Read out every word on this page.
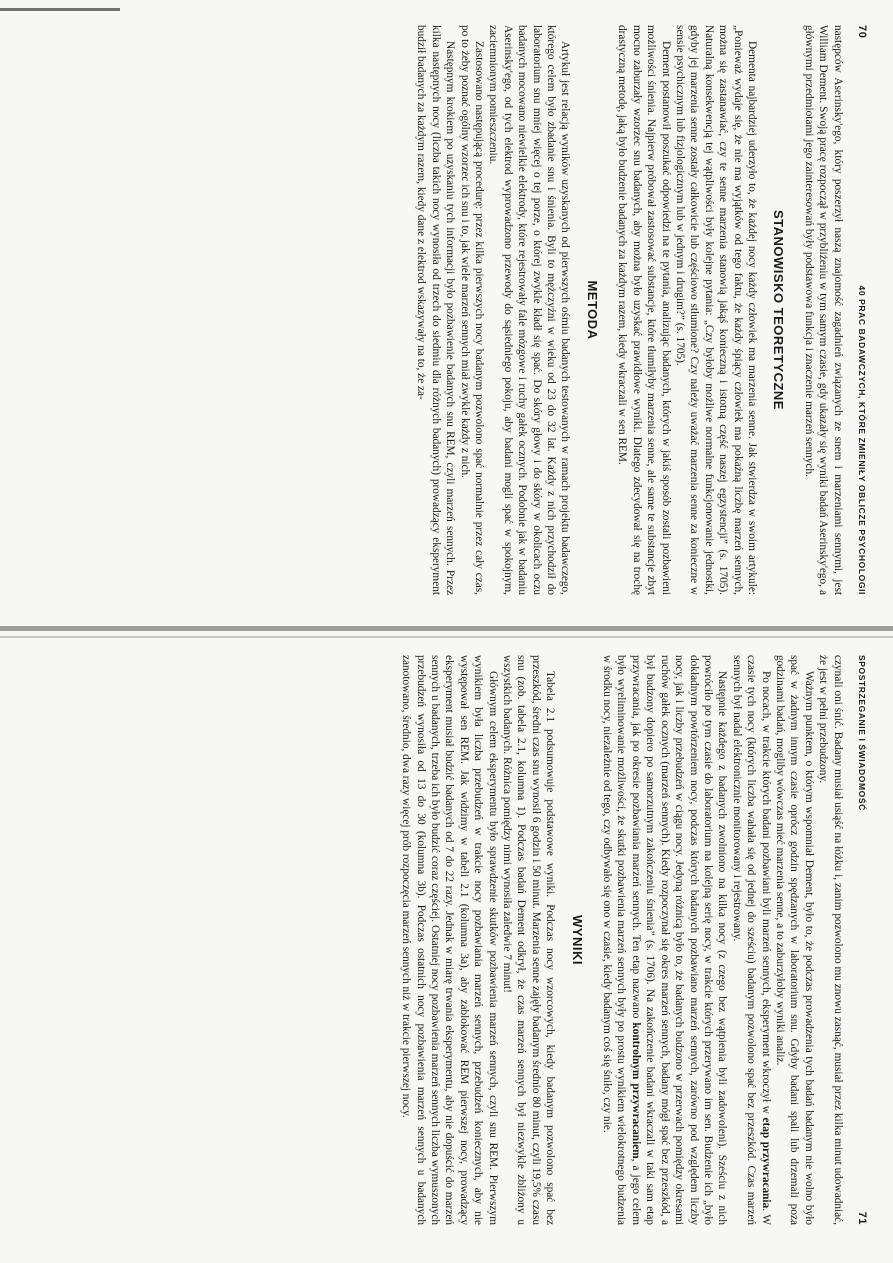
70
40 PRAC BADAWCZYCH, KTÓRE ZMIENIŁY OBLICZE PSYCHOLOGII

następców Aserinsky'ego, który poszerzył naszą znajomość zagadnień związanych ze snem i marzeniami sennymi, jest William Dement. Swoją pracę rozpoczął w przybliżeniu w tym samym czasie, gdy ukazały się wyniki badań Aserinsky'ego, a głównymi przedmiotami jego zainteresowań były podstawowa funkcja i znaczenie marzeń sennych.

STANOWISKO TEORETYCZNE

Dementa najbardziej uderzyło to, że każdej nocy każdy człowiek ma marzenia senne. Jak stwierdza w swoim artykule: „Ponieważ wydaje się, że nie ma wyjątków od tego faktu, że każdy śpiący człowiek ma pokaźną liczbę marzeń sennych, można się zastanawiać, czy te senne marzenia stanowią jakąś konieczną i istotną część naszej egzystencji” (s. 1705). Naturalną konsekwencją tej wątpliwości były kolejne pytania: „Czy byłoby możliwe normalne funkcjonowanie jednostki, gdyby jej marzenia senne zostały całkowicie lub częściowo stłumione? Czy należy uważać marzenia senne za konieczne w sensie psychicznym lub fizjologicznym lub w jednym i drugim?” (s. 1705).

Dement postanowił poszukać odpowiedzi na te pytania, analizując badanych, których w jakiś sposób zostali pozbawieni możliwości śnienia. Najpierw próbował zastosować substancje, które tłumiłyby marzenia senne, ale same te substancje zbyt mocno zaburzały wzorzec snu badanych, aby można było uzyskać prawidłowe wyniki. Dlatego zdecydował się na trochę drastyczną metodę, jaką było budzenie badanych za każdym razem, kiedy wkraczali w sen REM.

METODA

Artykuł jest relacją wyników uzyskanych od pierwszych ośmiu badanych testowanych w ramach projektu badawczego, którego celem było zbadanie snu i śnienia. Byli to mężczyźni w wieku od 23 do 32 lat. Każdy z nich przychodził do laboratorium snu mniej więcej o tej porze, o której zwykle kładł się spać. Do skóry głowy i do skóry w okolicach oczu badanych mocowano niewielkie elektrody, które rejestrowały fale mózgowe i ruchy gałek ocznych. Podobnie jak w badaniu Aserinsky'ego, od tych elektrod wyprowadzono przewody do sąsiedniego pokoju, aby badani mogli spać w spokojnym, zaciemnionym pomieszczeniu.

Zastosowano następującą procedurę: przez kilka pierwszych nocy badanym pozwolono spać normalnie przez cały czas, po to żeby poznać ogólny wzorzec ich snu i to, jak wiele marzeń sennych miał zwykle każdy z nich.

Następnym krokiem po uzyskaniu tych informacji było pozbawienie badanych snu REM, czyli marzeń sennych. Przez kilka następnych nocy (liczba takich nocy wynosiła od trzech do siedmiu dla różnych badanych) prowadzący eksperyment budził badanych za każdym razem, kiedy dane z elektrod wskazywały na to, że za-

SPOSTRZEGANIE I ŚWIADOMOŚĆ
71

czynali oni śnić. Badany musiał usiąść na łóżku i, zanim pozwolono mu znowu zasnąć, musiał przez kilka minut udowadniać, że jest w pełni przebudzony.

Ważnym punktem, o którym wspomniał Dement, było to, że podczas prowadzenia tych badań badanym nie wolno było spać w żadnym innym czasie oprócz godzin spędzanych w laboratorium snu. Gdyby badani spali lub drzemali poza godzinami badań, mogliby wówczas mieć marzenia senne, a to zaburzyłoby wyniki analiz.

Po nocach, w trakcie których badani pozbawiani byli marzeń sennych, eksperyment wkroczył w etap przywracania. W czasie tych nocy (których liczba wahała się od jednej do sześciu) badanym pozwolono spać bez przeszkód. Czas marzeń sennych był nadal elektronicznie monitorowany i rejestrowany.

Następnie każdego z badanych zwolniono na kilka nocy (z czego bez wątpienia byli zadowoleni). Sześciu z nich powróciło po tym czasie do laboratorium na kolejną serię nocy, w trakcie których przerywano im sen. Budzenie ich „było dokładnym powtórzeniem nocy, podczas których badanych pozbawiano marzeń sennych, zarówno pod względem liczby nocy, jak i liczby przebudzeń w ciągu nocy. Jedyną różnicą było to, że badanych budzono w przerwach pomiędzy okresami ruchów gałek ocznych (marzeń sennych). Kiedy rozpoczynał się okres marzeń sennych, badany mógł spać bez przeszkód, a był budzony dopiero po samorzutnym zakończeniu śnienia” (s. 1706). Na zakończenie badani wkraczali w taki sam etap przywracania, jak po okresie pozbawiania marzeń sennych. Ten etap nazwano kontrolnym przywracaniem, a jego celem było wyeliminowanie możliwości, że skutki pozbawienia marzeń sennych były po prostu wynikiem wielokrotnego budzenia w środku nocy, niezależnie od tego, czy odbywało się ono w czasie, kiedy badanym coś się śniło, czy nie.

WYNIKI

Tabela 2.1 podsumowuje podstawowe wyniki. Podczas nocy wzorcowych, kiedy badanym pozwolono spać bez przeszkód, średni czas snu wynosił 6 godzin i 50 minut. Marzenia senne zajęły badanym średnio 80 minut, czyli 19,5% czasu snu (zob. tabela 2.1, kolumna 1). Podczas badań Dement odkrył, że czas marzeń sennych był niezwykle zbliżony u wszystkich badanych. Różnica pomiędzy nimi wynosiła zaledwie 7 minut!

Głównym celem eksperymentu było sprawdzenie skutków pozbawienia marzeń sennych, czyli snu REM. Pierwszym wynikiem była liczba przebudzeń w trakcie nocy pozbawiania marzeń sennych, przebudzeń koniecznych, aby nie występował sen REM. Jak widzimy w tabeli 2.1 (kolumna 3a), aby zablokować REM pierwszej nocy, prowadzący eksperyment musiał budzić badanych od 7 do 22 razy. Jednak w miarę trwania eksperymentu, aby nie dopuścić do marzeń sennych u badanych, trzeba ich było budzić coraz częściej. Ostatniej nocy pozbawienia marzeń sennych liczba wymuszonych przebudzeń wynosiła od 13 do 30 (kolumna 3b). Podczas ostatnich nocy pozbawienia marzeń sennych u badanych zanotowano, średnio, dwa razy więcej prób rozpoczęcia marzeń sennych niż w trakcie pierwszej nocy.
